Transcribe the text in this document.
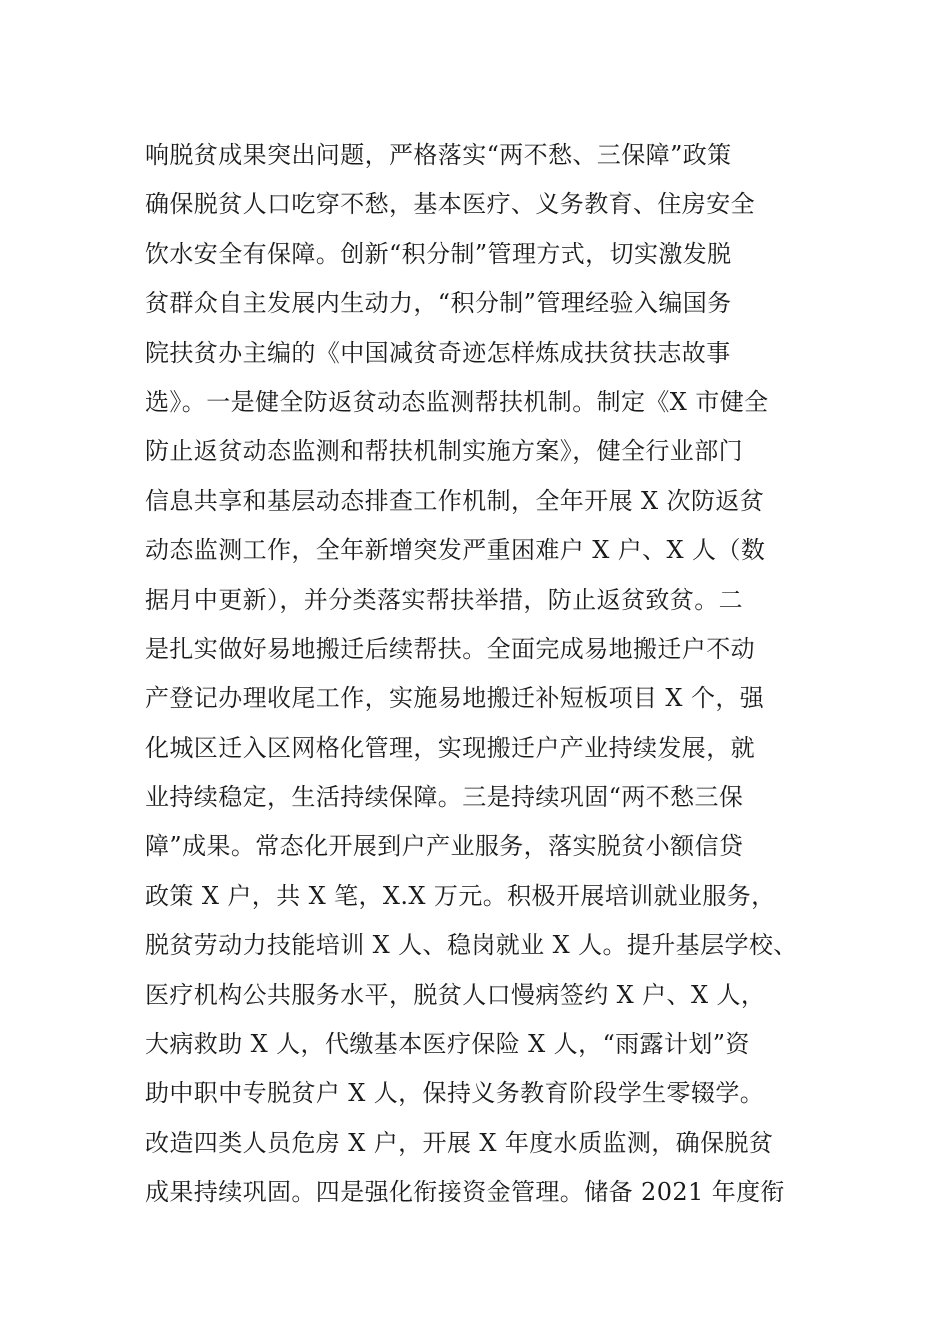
响脱贫成果突出问题，严格落实“两不愁、三保障”政策
确保脱贫人口吃穿不愁，基本医疗、义务教育、住房安全
饮水安全有保障。创新“积分制”管理方式，切实激发脱
贫群众自主发展内生动力，“积分制”管理经验入编国务
院扶贫办主编的《中国减贫奇迹怎样炼成扶贫扶志故事
选》。一是健全防返贫动态监测帮扶机制。制定《X 市健全
防止返贫动态监测和帮扶机制实施方案》，健全行业部门
信息共享和基层动态排查工作机制，全年开展 X 次防返贫
动态监测工作，全年新增突发严重困难户 X 户、X 人（数
据月中更新），并分类落实帮扶举措，防止返贫致贫。二
是扎实做好易地搬迁后续帮扶。全面完成易地搬迁户不动
产登记办理收尾工作，实施易地搬迁补短板项目 X 个，强
化城区迁入区网格化管理，实现搬迁户产业持续发展，就
业持续稳定，生活持续保障。三是持续巩固“两不愁三保
障”成果。常态化开展到户产业服务，落实脱贫小额信贷
政策 X 户，共 X 笔，X.X 万元。积极开展培训就业服务，
脱贫劳动力技能培训 X 人、稳岗就业 X 人。提升基层学校、
医疗机构公共服务水平，脱贫人口慢病签约 X 户、X 人，
大病救助 X 人，代缴基本医疗保险 X 人，“雨露计划”资
助中职中专脱贫户 X 人，保持义务教育阶段学生零辍学。
改造四类人员危房 X 户，开展 X 年度水质监测，确保脱贫
成果持续巩固。四是强化衔接资金管理。储备 2021 年度衔
